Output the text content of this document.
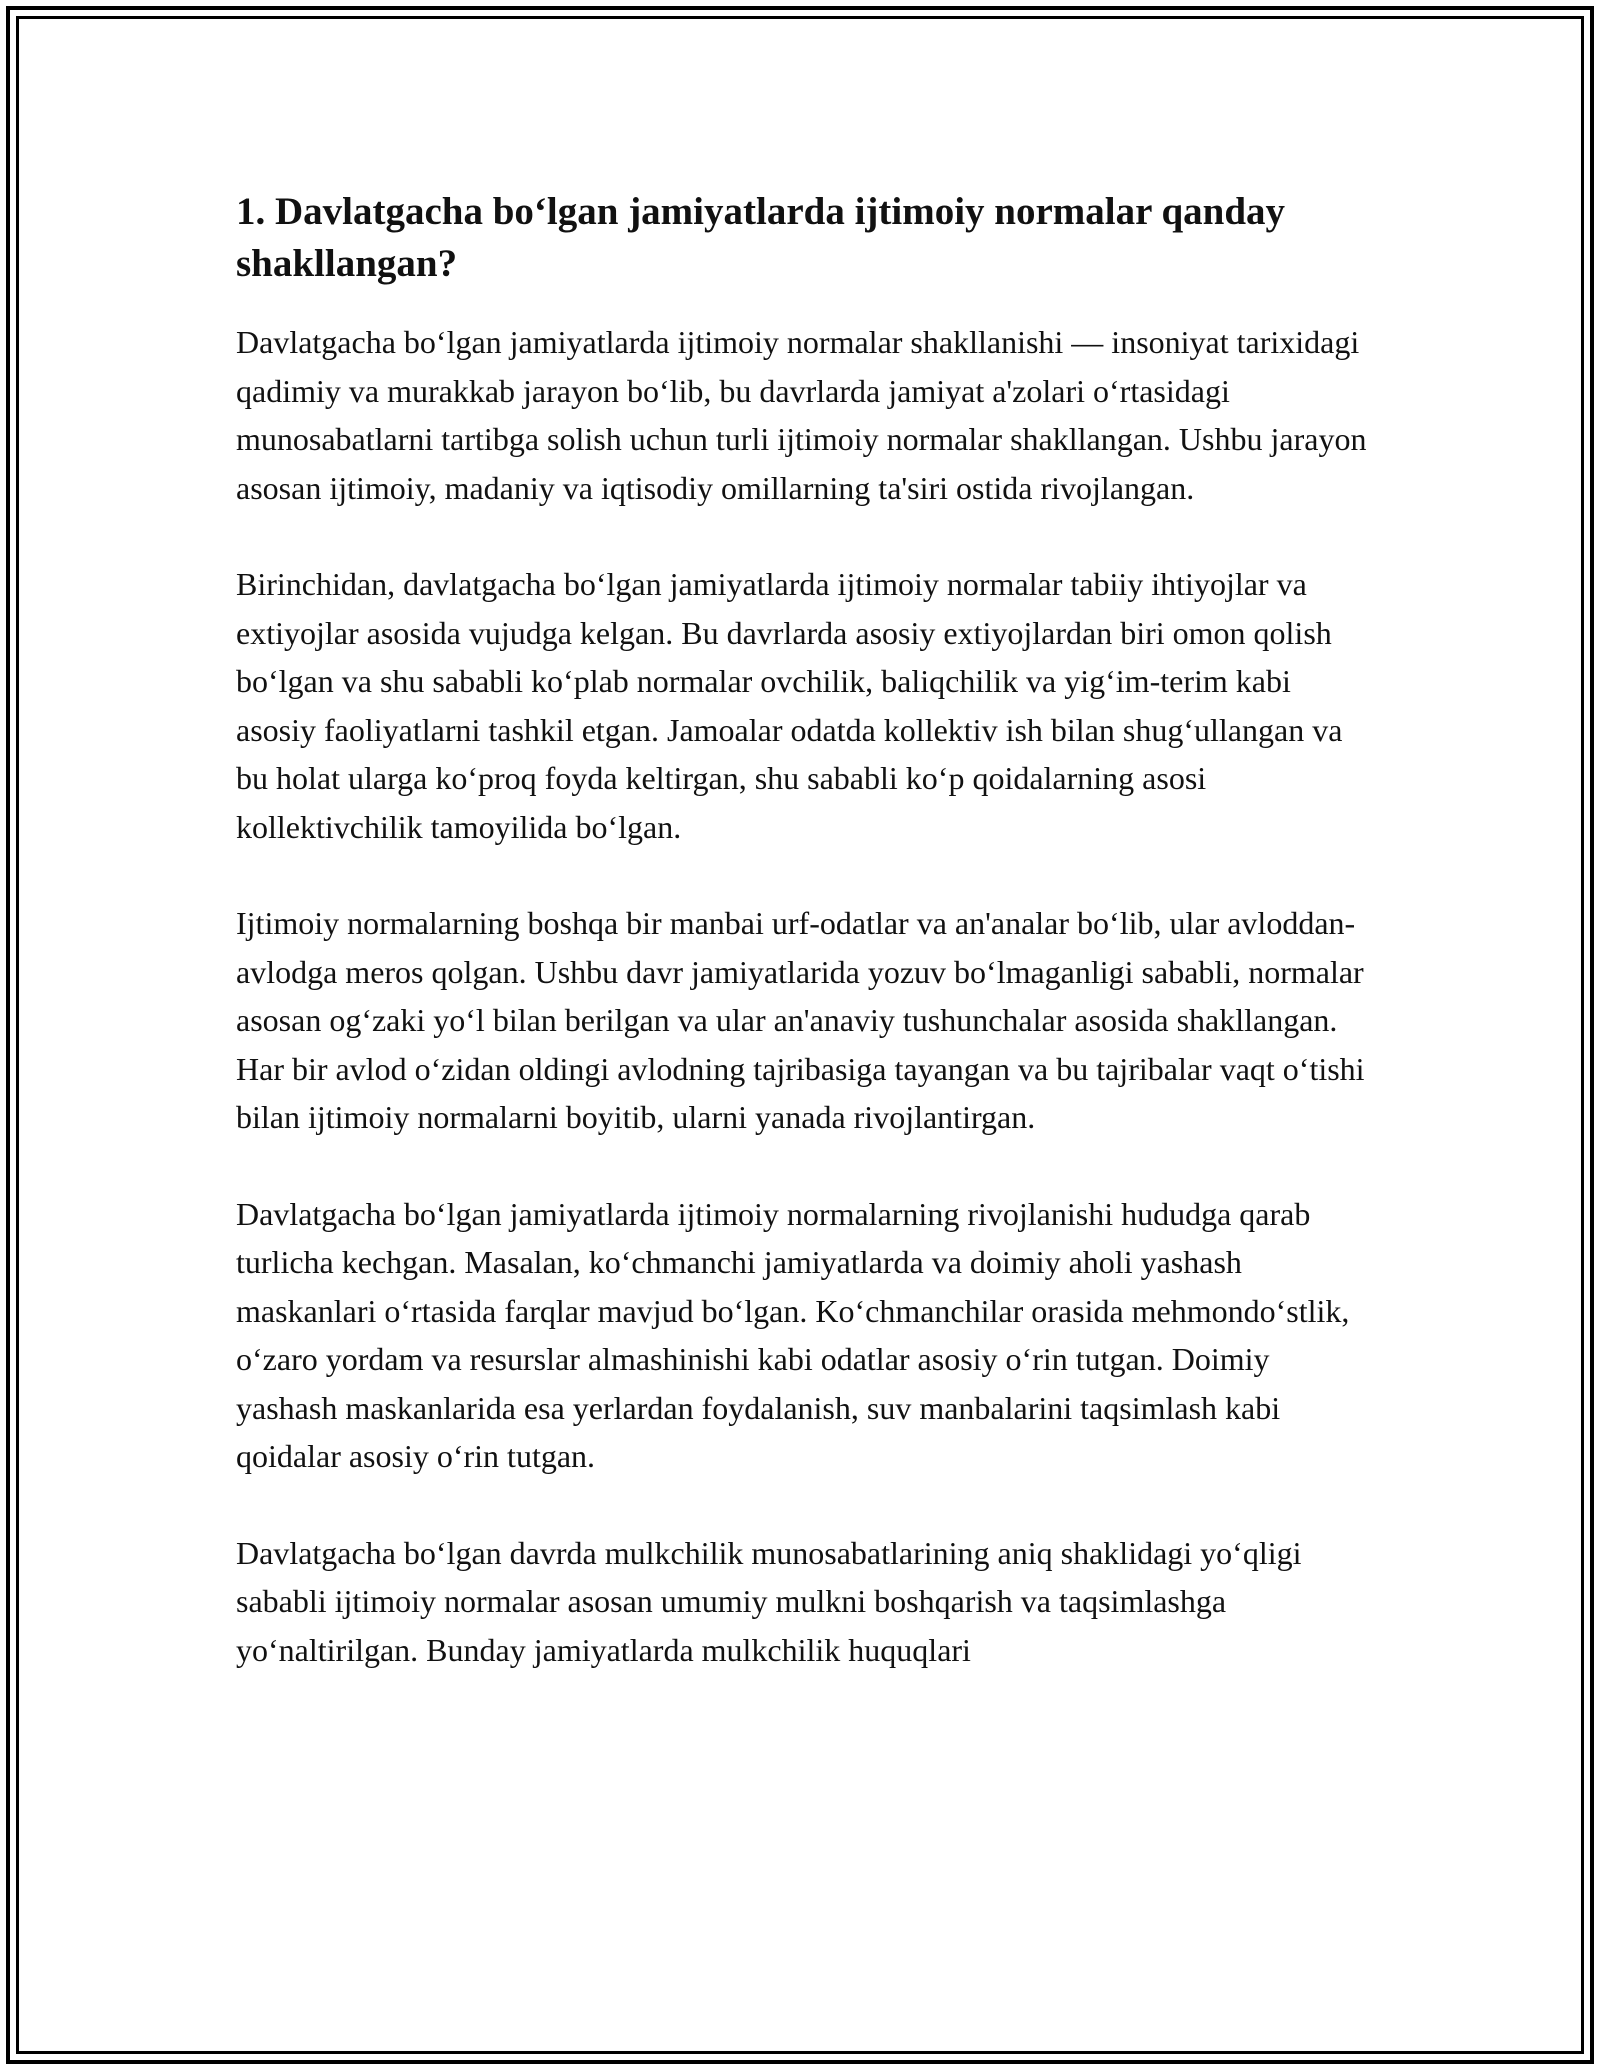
1. Davlatgacha bo‘lgan jamiyatlarda ijtimoiy normalar qanday shakllangan?

Davlatgacha bo‘lgan jamiyatlarda ijtimoiy normalar shakllanishi — insoniyat tarixidagi qadimiy va murakkab jarayon bo‘lib, bu davrlarda jamiyat a'zolari o‘rtasidagi munosabatlarni tartibga solish uchun turli ijtimoiy normalar shakllangan. Ushbu jarayon asosan ijtimoiy, madaniy va iqtisodiy omillarning ta'siri ostida rivojlangan.

Birinchidan, davlatgacha bo‘lgan jamiyatlarda ijtimoiy normalar tabiiy ihtiyojlar va extiyojlar asosida vujudga kelgan. Bu davrlarda asosiy extiyojlardan biri omon qolish bo‘lgan va shu sababli ko‘plab normalar ovchilik, baliqchilik va yig‘im-terim kabi asosiy faoliyatlarni tashkil etgan. Jamoalar odatda kollektiv ish bilan shug‘ullangan va bu holat ularga ko‘proq foyda keltirgan, shu sababli ko‘p qoidalarning asosi kollektivchilik tamoyilida bo‘lgan.

Ijtimoiy normalarning boshqa bir manbai urf-odatlar va an'analar bo‘lib, ular avloddan-avlodga meros qolgan. Ushbu davr jamiyatlarida yozuv bo‘lmaganligi sababli, normalar asosan og‘zaki yo‘l bilan berilgan va ular an'anaviy tushunchalar asosida shakllangan. Har bir avlod o‘zidan oldingi avlodning tajribasiga tayangan va bu tajribalar vaqt o‘tishi bilan ijtimoiy normalarni boyitib, ularni yanada rivojlantirgan.

Davlatgacha bo‘lgan jamiyatlarda ijtimoiy normalarning rivojlanishi hududga qarab turlicha kechgan. Masalan, ko‘chmanchi jamiyatlarda va doimiy aholi yashash maskanlari o‘rtasida farqlar mavjud bo‘lgan. Ko‘chmanchilar orasida mehmondo‘stlik, o‘zaro yordam va resurslar almashinishi kabi odatlar asosiy o‘rin tutgan. Doimiy yashash maskanlarida esa yerlardan foydalanish, suv manbalarini taqsimlash kabi qoidalar asosiy o‘rin tutgan.

Davlatgacha bo‘lgan davrda mulkchilik munosabatlarining aniq shaklidagi yo‘qligi sababli ijtimoiy normalar asosan umumiy mulkni boshqarish va taqsimlashga yo‘naltirilgan. Bunday jamiyatlarda mulkchilik huquqlari
